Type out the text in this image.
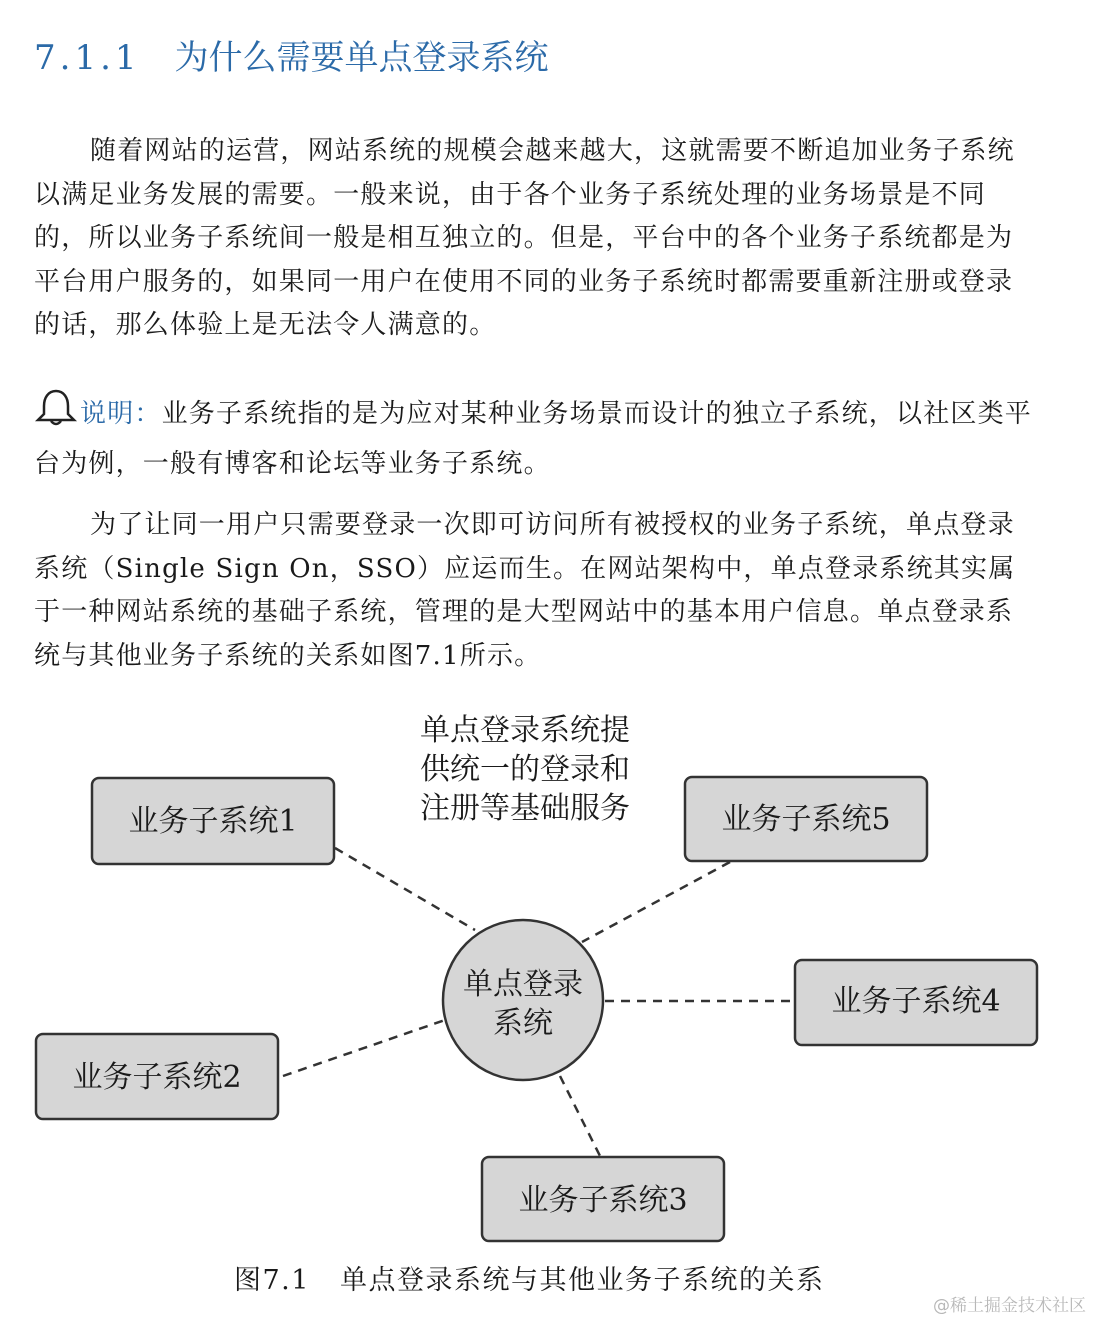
7.1.1 为什么需要单点登录系统

随着网站的运营，网站系统的规模会越来越大，这就需要不断追加业务子系统以满足业务发展的需要。一般来说，由于各个业务子系统处理的业务场景是不同的，所以业务子系统间一般是相互独立的。但是，平台中的各个业务子系统都是为平台用户服务的，如果同一用户在使用不同的业务子系统时都需要重新注册或登录的话，那么体验上是无法令人满意的。

说明：业务子系统指的是为应对某种业务场景而设计的独立子系统，以社区类平台为例，一般有博客和论坛等业务子系统。

为了让同一用户只需要登录一次即可访问所有被授权的业务子系统，单点登录系统（Single Sign On，SSO）应运而生。在网站架构中，单点登录系统其实属于一种网站系统的基础子系统，管理的是大型网站中的基本用户信息。单点登录系统与其他业务子系统的关系如图7.1所示。

单点登录系统提
供统一的登录和
注册等基础服务
业务子系统1	业务子系统5
业务子系统4
业务子系统2
业务子系统3
单点登录
系统
图7.1 单点登录系统与其他业务子系统的关系
@稀土掘金技术社区
